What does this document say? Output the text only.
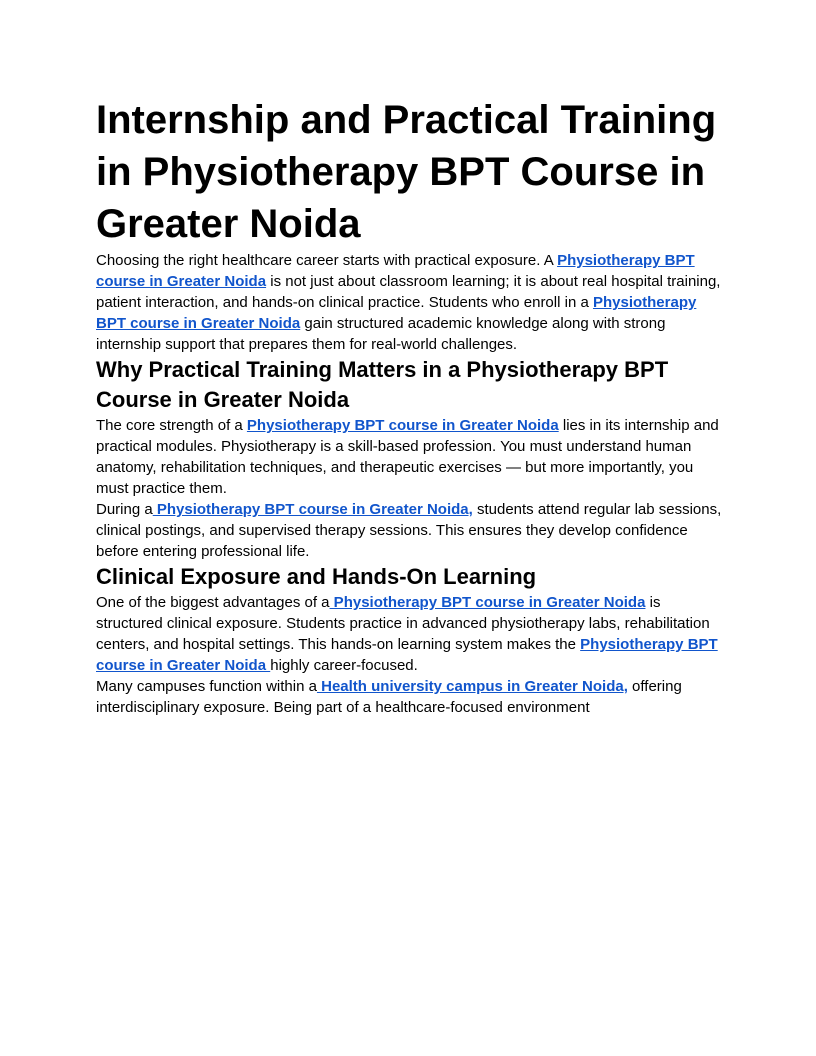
Internship and Practical Training in Physiotherapy BPT Course in Greater Noida

Choosing the right healthcare career starts with practical exposure. A Physiotherapy BPT course in Greater Noida is not just about classroom learning; it is about real hospital training, patient interaction, and hands-on clinical practice. Students who enroll in a Physiotherapy BPT course in Greater Noida gain structured academic knowledge along with strong internship support that prepares them for real-world challenges.

Why Practical Training Matters in a Physiotherapy BPT Course in Greater Noida

The core strength of a Physiotherapy BPT course in Greater Noida lies in its internship and practical modules. Physiotherapy is a skill-based profession. You must understand human anatomy, rehabilitation techniques, and therapeutic exercises — but more importantly, you must practice them.

During a Physiotherapy BPT course in Greater Noida, students attend regular lab sessions, clinical postings, and supervised therapy sessions. This ensures they develop confidence before entering professional life.

Clinical Exposure and Hands-On Learning

One of the biggest advantages of a Physiotherapy BPT course in Greater Noida is structured clinical exposure. Students practice in advanced physiotherapy labs, rehabilitation centers, and hospital settings. This hands-on learning system makes the Physiotherapy BPT course in Greater Noida highly career-focused.

Many campuses function within a Health university campus in Greater Noida, offering interdisciplinary exposure. Being part of a healthcare-focused environment
